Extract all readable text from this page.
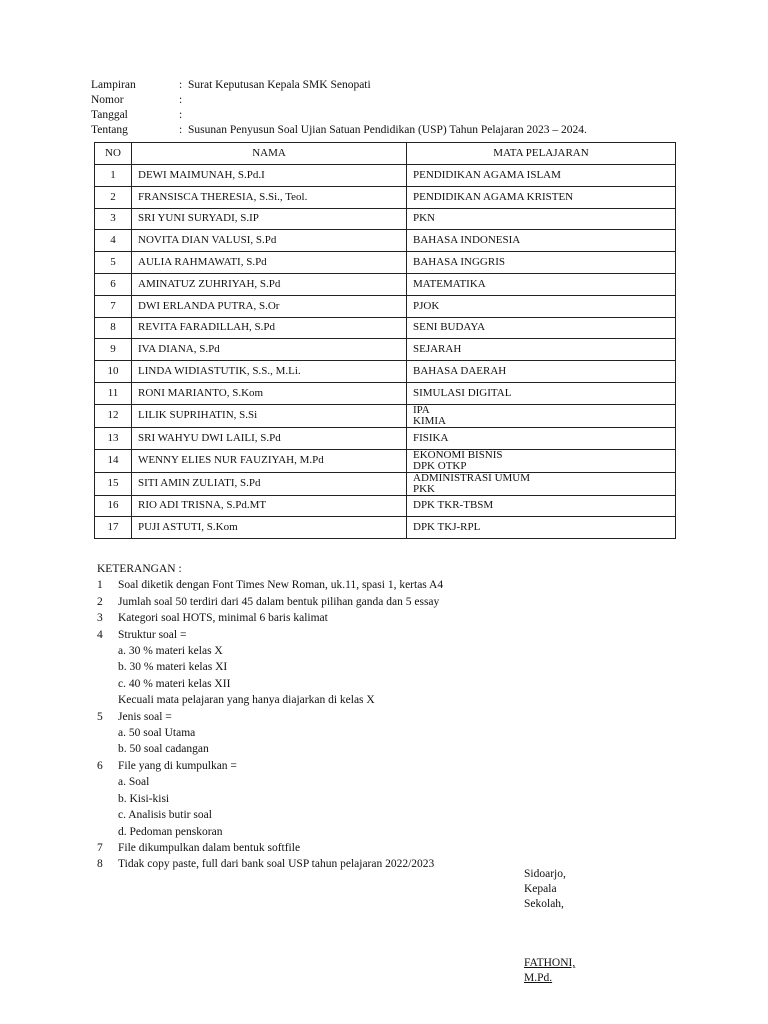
Lampiran	: Surat Keputusan Kepala SMK Senopati
Nomor	:
Tanggal	:
Tentang	: Susunan Penyusun Soal Ujian Satuan Pendidikan (USP) Tahun Pelajaran 2023 – 2024.
NO	NAMA	MATA PELAJARAN
1	DEWI MAIMUNAH, S.Pd.I	PENDIDIKAN AGAMA ISLAM

2	FRANSISCA THERESIA, S.Si., Teol.	PENDIDIKAN AGAMA KRISTEN

3	SRI YUNI SURYADI, S.IP	PKN

4	NOVITA DIAN VALUSI, S.Pd	BAHASA INDONESIA

5	AULIA RAHMAWATI, S.Pd	BAHASA INGGRIS

6	AMINATUZ ZUHRIYAH, S.Pd	MATEMATIKA

7	DWI ERLANDA PUTRA, S.Or	PJOK

8	REVITA FARADILLAH, S.Pd	SENI BUDAYA

9	IVA DIANA, S.Pd	SEJARAH

10	LINDA WIDIASTUTIK, S.S., M.Li.	BAHASA DAERAH

11	RONI MARIANTO, S.Kom	SIMULASI DIGITAL

12	LILIK SUPRIHATIN, S.Si	IPA
KIMIA

13	SRI WAHYU DWI LAILI, S.Pd	FISIKA

14	WENNY ELIES NUR FAUZIYAH, M.Pd	EKONOMI BISNIS
DPK OTKP

15	SITI AMIN ZULIATI, S.Pd	ADMINISTRASI UMUM
PKK

16	RIO ADI TRISNA, S.Pd.MT	DPK TKR-TBSM

17	PUJI ASTUTI, S.Kom	DPK TKJ-RPL
KETERANGAN :
1	Soal diketik dengan Font Times New Roman, uk.11, spasi 1, kertas A4
2	Jumlah soal 50 terdiri dari 45 dalam bentuk pilihan ganda dan 5 essay
3	Kategori soal HOTS, minimal 6 baris kalimat
4	Struktur soal =
a. 30 % materi kelas X
b. 30 % materi kelas XI
c. 40 % materi kelas XII
Kecuali mata pelajaran yang hanya diajarkan di kelas X
5	Jenis soal =
a. 50 soal Utama
b. 50 soal cadangan
6	File yang di kumpulkan =
a. Soal
b. Kisi-kisi
c. Analisis butir soal
d. Pedoman penskoran
7	File dikumpulkan dalam bentuk softfile
8	Tidak copy paste, full dari bank soal USP tahun pelajaran 2022/2023
Sidoarjo,
Kepala
Sekolah,
FATHONI,
M.Pd.
